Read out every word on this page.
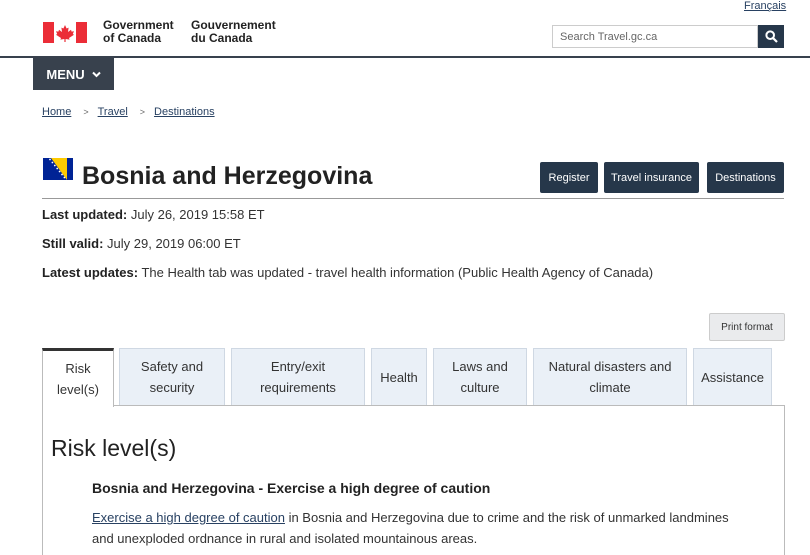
Français
Government
of Canada
Gouvernement
du Canada
Search Travel.gc.ca
MENU
Home > Travel > Destinations
Bosnia and Herzegovina	Register	Travel insurance	Destinations
Last updated: July 26, 2019 15:58 ET
Still valid: July 29, 2019 06:00 ET
Latest updates: The Health tab was updated - travel health information (Public Health Agency of Canada)
Print format
Risk
level(s)
Safety and
security
Entry/exit
requirements
Health
Laws and
culture
Natural disasters and
climate
Assistance
Risk level(s)
Bosnia and Herzegovina - Exercise a high degree of caution

Exercise a high degree of caution in Bosnia and Herzegovina due to crime and the risk of unmarked landmines and unexploded ordnance in rural and isolated mountainous areas.
